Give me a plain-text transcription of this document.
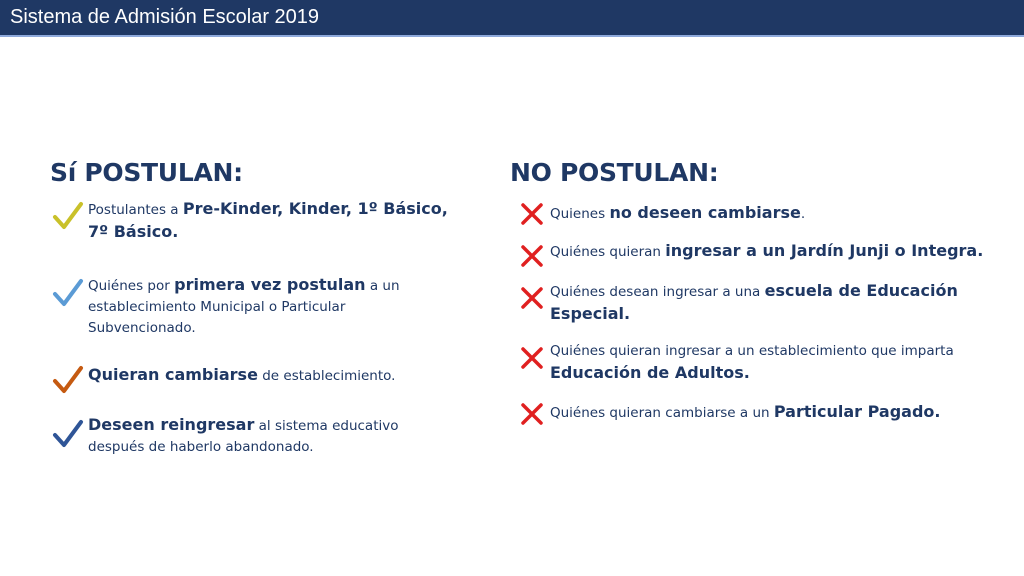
Sistema de Admisión Escolar 2019
Sí POSTULAN:
Postulantes a Pre-Kinder, Kinder, 1º Básico, 7º Básico.
Quiénes por primera vez postulan a un establecimiento Municipal o Particular Subvencionado.
Quieran cambiarse de establecimiento.
Deseen reingresar al sistema educativo después de haberlo abandonado.
NO POSTULAN:
Quienes no deseen cambiarse.
Quiénes quieran ingresar a un Jardín Junji o Integra.
Quiénes desean ingresar a una escuela de Educación Especial.
Quiénes quieran ingresar a un establecimiento que imparta Educación de Adultos.
Quiénes quieran cambiarse a un Particular Pagado.
